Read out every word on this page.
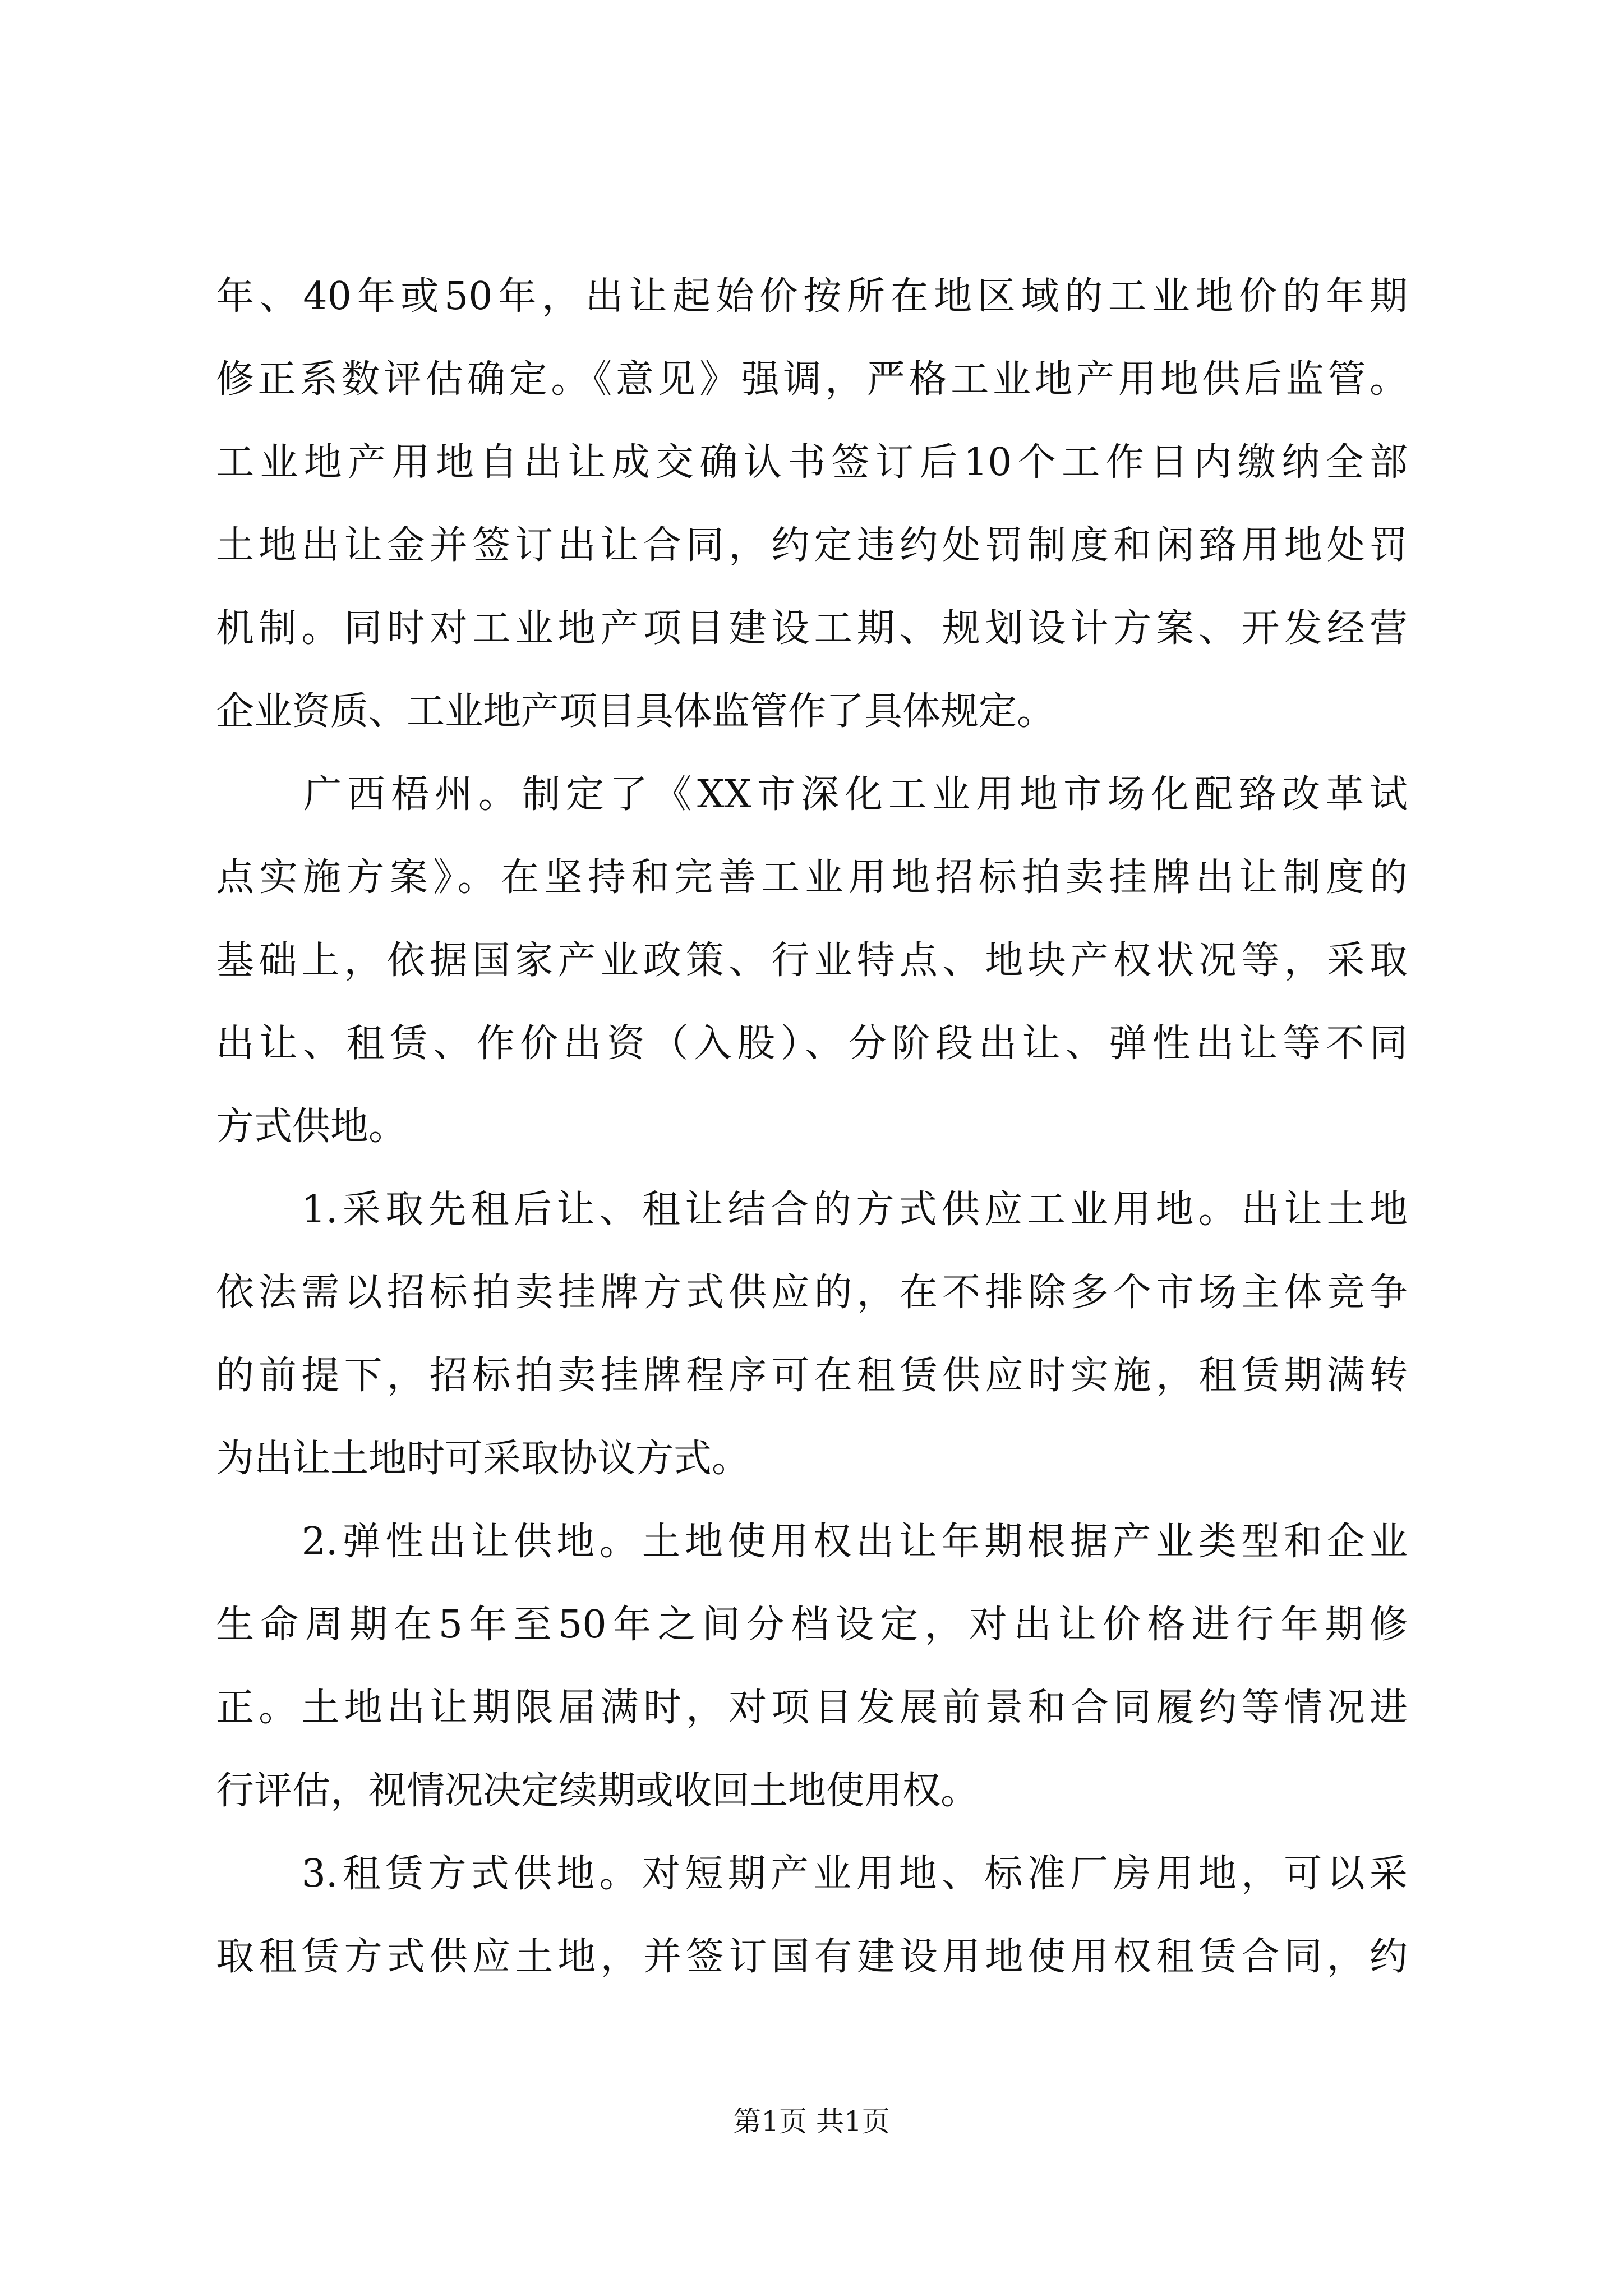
年、40年或50年，出让起始价按所在地区域的工业地价的年期
修正系数评估确定。《意见》强调，严格工业地产用地供后监管。
工业地产用地自出让成交确认书签订后10个工作日内缴纳全部
土地出让金并签订出让合同，约定违约处罚制度和闲臵用地处罚
机制。同时对工业地产项目建设工期、规划设计方案、开发经营
企业资质、工业地产项目具体监管作了具体规定。
　　广西梧州。制定了《XX市深化工业用地市场化配臵改革试
点实施方案》。在坚持和完善工业用地招标拍卖挂牌出让制度的
基础上，依据国家产业政策、行业特点、地块产权状况等，采取
出让、租赁、作价出资（入股）、分阶段出让、弹性出让等不同
方式供地。
　　1.采取先租后让、租让结合的方式供应工业用地。出让土地
依法需以招标拍卖挂牌方式供应的，在不排除多个市场主体竞争
的前提下，招标拍卖挂牌程序可在租赁供应时实施，租赁期满转
为出让土地时可采取协议方式。
　　2.弹性出让供地。土地使用权出让年期根据产业类型和企业
生命周期在5年至50年之间分档设定，对出让价格进行年期修
正。土地出让期限届满时，对项目发展前景和合同履约等情况进
行评估，视情况决定续期或收回土地使用权。
　　3.租赁方式供地。对短期产业用地、标准厂房用地，可以采
取租赁方式供应土地，并签订国有建设用地使用权租赁合同，约
第1页 共1页
